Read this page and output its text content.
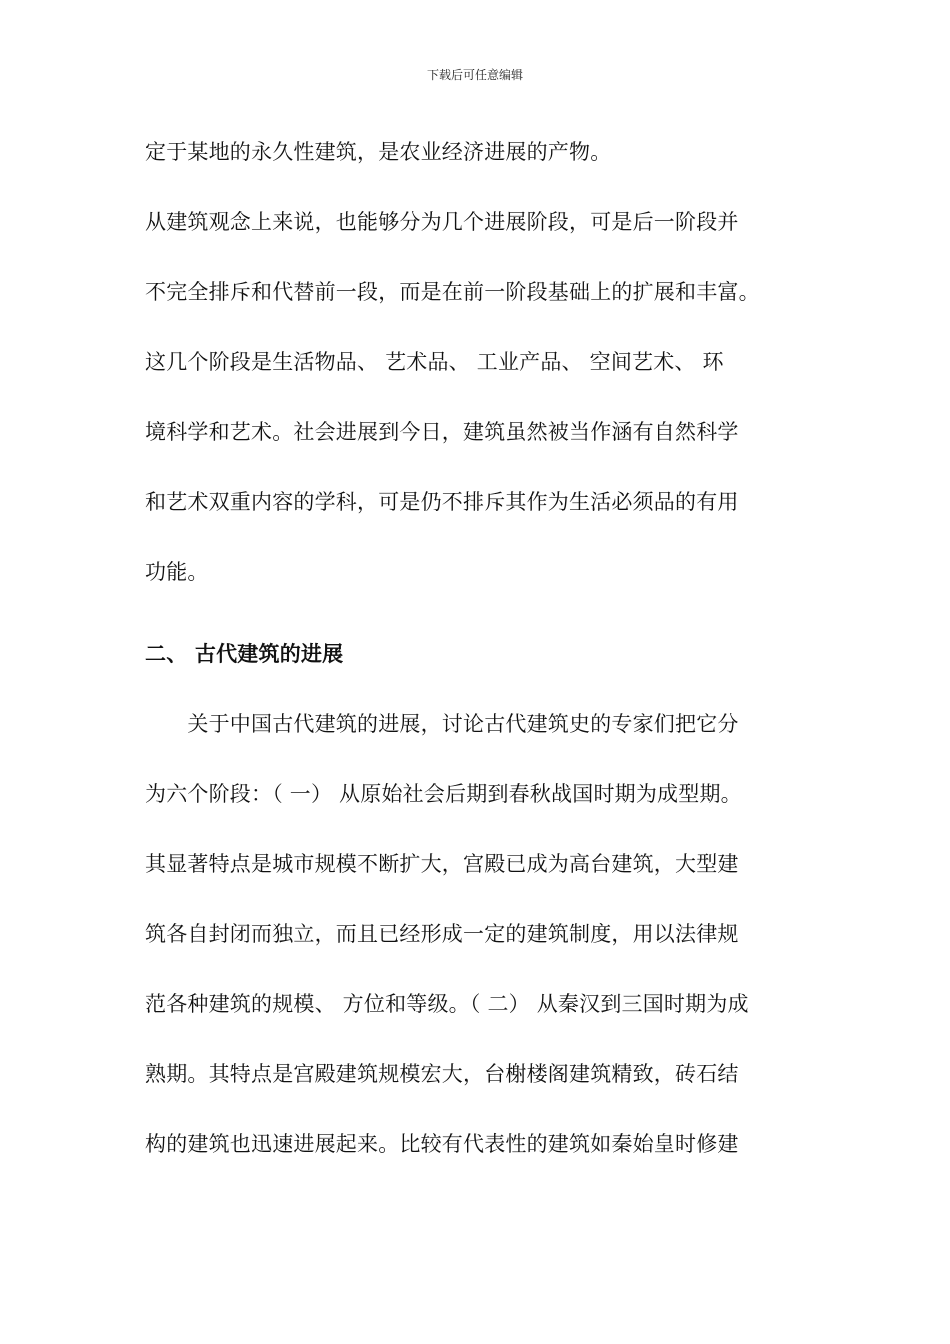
下载后可任意编辑
定于某地的永久性建筑，是农业经济进展的产物。
从建筑观念上来说，也能够分为几个进展阶段，可是后一阶段并
不完全排斥和代替前一段，而是在前一阶段基础上的扩展和丰富。
这几个阶段是生活物品、 艺术品、 工业产品、 空间艺术、 环
境科学和艺术。社会进展到今日，建筑虽然被当作涵有自然科学
和艺术双重内容的学科，可是仍不排斥其作为生活必须品的有用
功能。
二、 古代建筑的进展
　　关于中国古代建筑的进展，讨论古代建筑史的专家们把它分
为六个阶段：（ 一） 从原始社会后期到春秋战国时期为成型期。
其显著特点是城市规模不断扩大，宫殿已成为高台建筑，大型建
筑各自封闭而独立，而且已经形成一定的建筑制度，用以法律规
范各种建筑的规模、 方位和等级。（ 二） 从秦汉到三国时期为成
熟期。其特点是宫殿建筑规模宏大，台榭楼阁建筑精致，砖石结
构的建筑也迅速进展起来。比较有代表性的建筑如秦始皇时修建
